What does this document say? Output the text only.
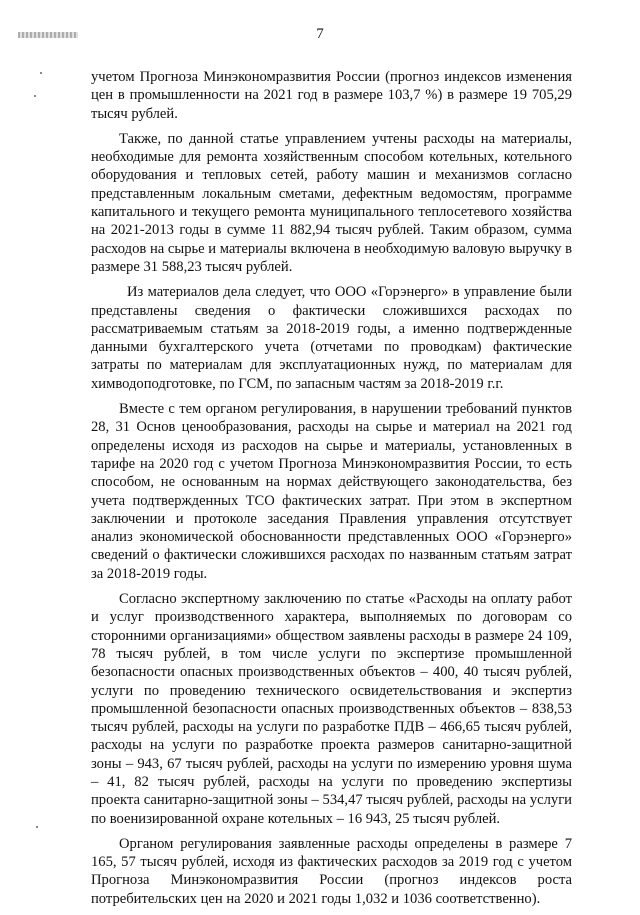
7

учетом Прогноза Минэкономразвития России (прогноз индексов изменения цен в промышленности на 2021 год в размере 103,7 %) в размере 19 705,29 тысяч рублей.

Также, по данной статье управлением учтены расходы на материалы, необходимые для ремонта хозяйственным способом котельных, котельного оборудования и тепловых сетей, работу машин и механизмов согласно представленным локальным сметами, дефектным ведомостям, программе капитального и текущего ремонта муниципального теплосетевого хозяйства на 2021-2013 годы в сумме 11 882,94 тысяч рублей. Таким образом, сумма расходов на сырье и материалы включена в необходимую валовую выручку в размере 31 588,23 тысяч рублей.

Из материалов дела следует, что ООО «Горэнерго» в управление были представлены сведения о фактически сложившихся расходах по рассматриваемым статьям за 2018-2019 годы, а именно подтвержденные данными бухгалтерского учета (отчетами по проводкам) фактические затраты по материалам для эксплуатационных нужд, по материалам для химводоподготовке, по ГСМ, по запасным частям за 2018-2019 г.г.

Вместе с тем органом регулирования, в нарушении требований пунктов 28, 31 Основ ценообразования, расходы на сырье и материал на 2021 год определены исходя из расходов на сырье и материалы, установленных в тарифе на 2020 год с учетом Прогноза Минэкономразвития России, то есть способом, не основанным на нормах действующего законодательства, без учета подтвержденных ТСО фактических затрат. При этом в экспертном заключении и протоколе заседания Правления управления отсутствует анализ экономической обоснованности представленных ООО «Горэнерго» сведений о фактически сложившихся расходах по названным статьям затрат за 2018-2019 годы.

Согласно экспертному заключению по статье «Расходы на оплату работ и услуг производственного характера, выполняемых по договорам со сторонними организациями» обществом заявлены расходы в размере 24 109, 78 тысяч рублей, в том числе услуги по экспертизе промышленной безопасности опасных производственных объектов – 400, 40 тысяч рублей, услуги по проведению технического освидетельствования и экспертиз промышленной безопасности опасных производственных объектов – 838,53 тысяч рублей, расходы на услуги по разработке ПДВ – 466,65 тысяч рублей, расходы на услуги по разработке проекта размеров санитарно-защитной зоны – 943, 67 тысяч рублей, расходы на услуги по измерению уровня шума – 41, 82 тысяч рублей, расходы на услуги по проведению экспертизы проекта санитарно-защитной зоны – 534,47 тысяч рублей, расходы на услуги по военизированной охране котельных – 16 943, 25 тысяч рублей.

Органом регулирования заявленные расходы определены в размере 7 165, 57 тысяч рублей, исходя из фактических расходов за 2019 год с учетом Прогноза Минэкономразвития России (прогноз индексов роста потребительских цен на 2020 и 2021 годы 1,032 и 1036 соответственно).
